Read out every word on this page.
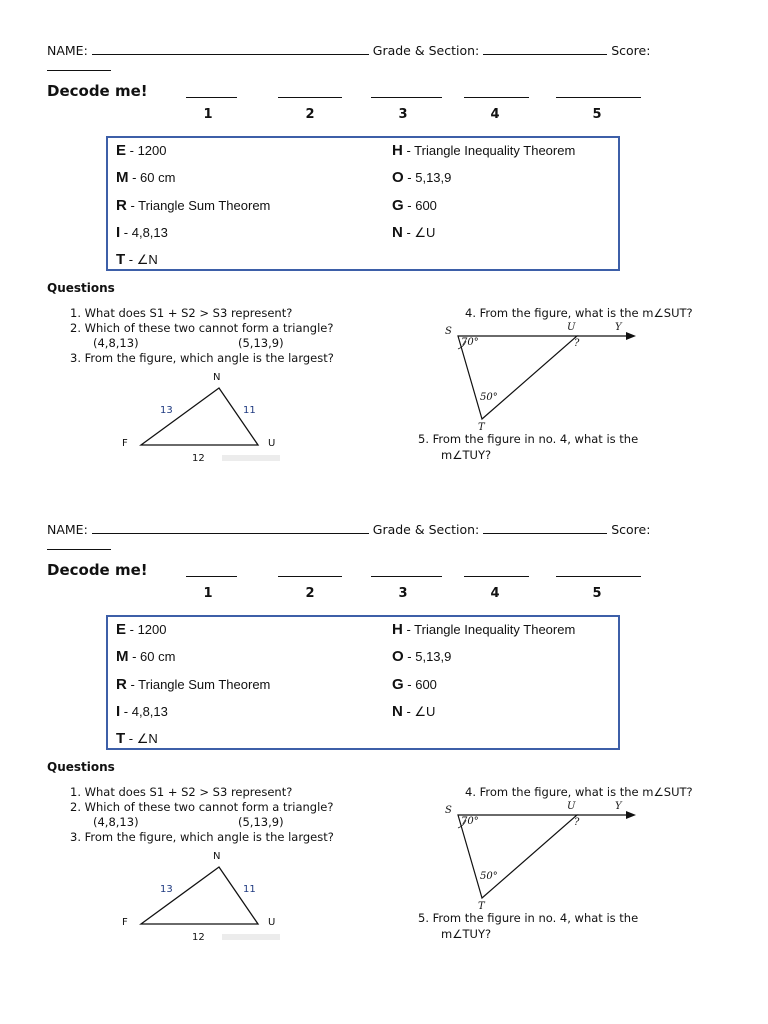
NAME:	Grade & Section:	Score:
Decode me!
1	2	3	4	5
E - 1200
M - 60 cm
R - Triangle Sum Theorem
I - 4,8,13
T - ∠N
H - Triangle Inequality Theorem
O - 5,13,9
G - 600
N - ∠U
Questions
1. What does S1 + S2 > S3 represent?
2. Which of these two cannot form a triangle?
(4,8,13)	(5,13,9)
3. From the figure, which angle is the largest?
4. From the figure, what is the m∠SUT?
5. From the figure in no. 4, what is the
m∠TUY?
N
F	U
13	11
12
S	U	Y
T
70°
50°
?
NAME:	Grade & Section:	Score:
Decode me!
1	2	3	4	5
E - 1200
M - 60 cm
R - Triangle Sum Theorem
I - 4,8,13
T - ∠N
H - Triangle Inequality Theorem
O - 5,13,9
G - 600
N - ∠U
Questions
1. What does S1 + S2 > S3 represent?
2. Which of these two cannot form a triangle?
(4,8,13)	(5,13,9)
3. From the figure, which angle is the largest?
4. From the figure, what is the m∠SUT?
5. From the figure in no. 4, what is the
m∠TUY?
N
F	U
13	11
12
S	U	Y
T
70°
50°
?
